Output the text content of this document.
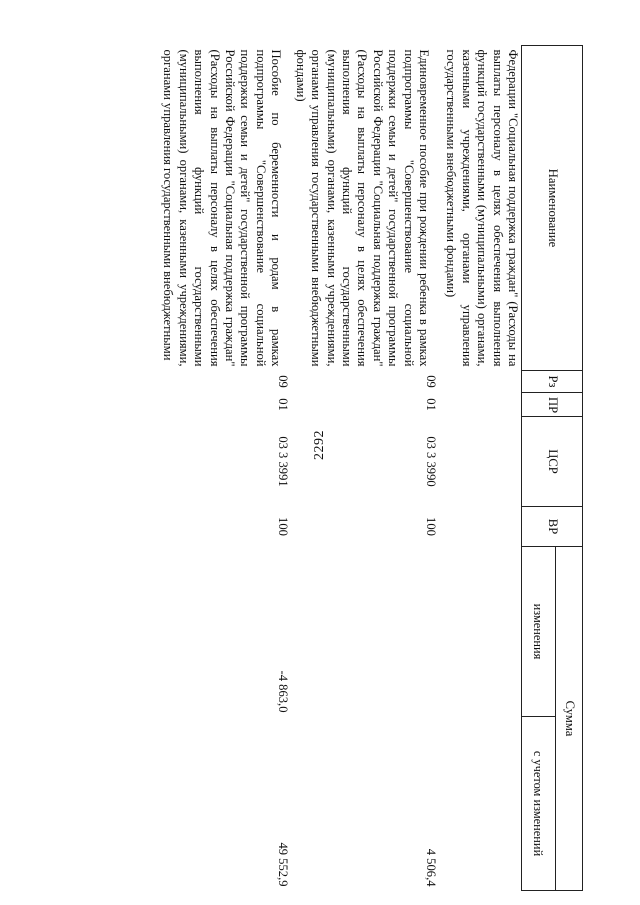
2292
Наименование	Рз	ПР	ЦСР	ВР	Сумма	
					изменения	с учетом изменений
Федерации "Социальная поддержка граждан" (Расходы на выплаты персоналу в целях обеспечения выполнения функций государственными (муниципальными) органами, казенными учреждениями, органами управления государственными внебюджетными фондами)						
Единовременное пособие при рождении ребенка в рамках подпрограммы "Совершенствование социальной поддержки семьи и детей" государственной программы Российской Федерации "Социальная поддержка граждан" (Расходы на выплаты персоналу в целях обеспечения выполнения функций государственными (муниципальными) органами, казенными учреждениями, органами управления государственными внебюджетными фондами)	09	01	03 3 3990	100		4 506,4
Пособие по беременности и родам в рамках подпрограммы "Совершенствование социальной поддержки семьи и детей" государственной программы Российской Федерации "Социальная поддержка граждан" (Расходы на выплаты персоналу в целях обеспечения выполнения функций государственными (муниципальными) органами, казенными учреждениями, органами управления государственными внебюджетными	09	01	03 3 3991	100	-4 863,0	49 552,9
